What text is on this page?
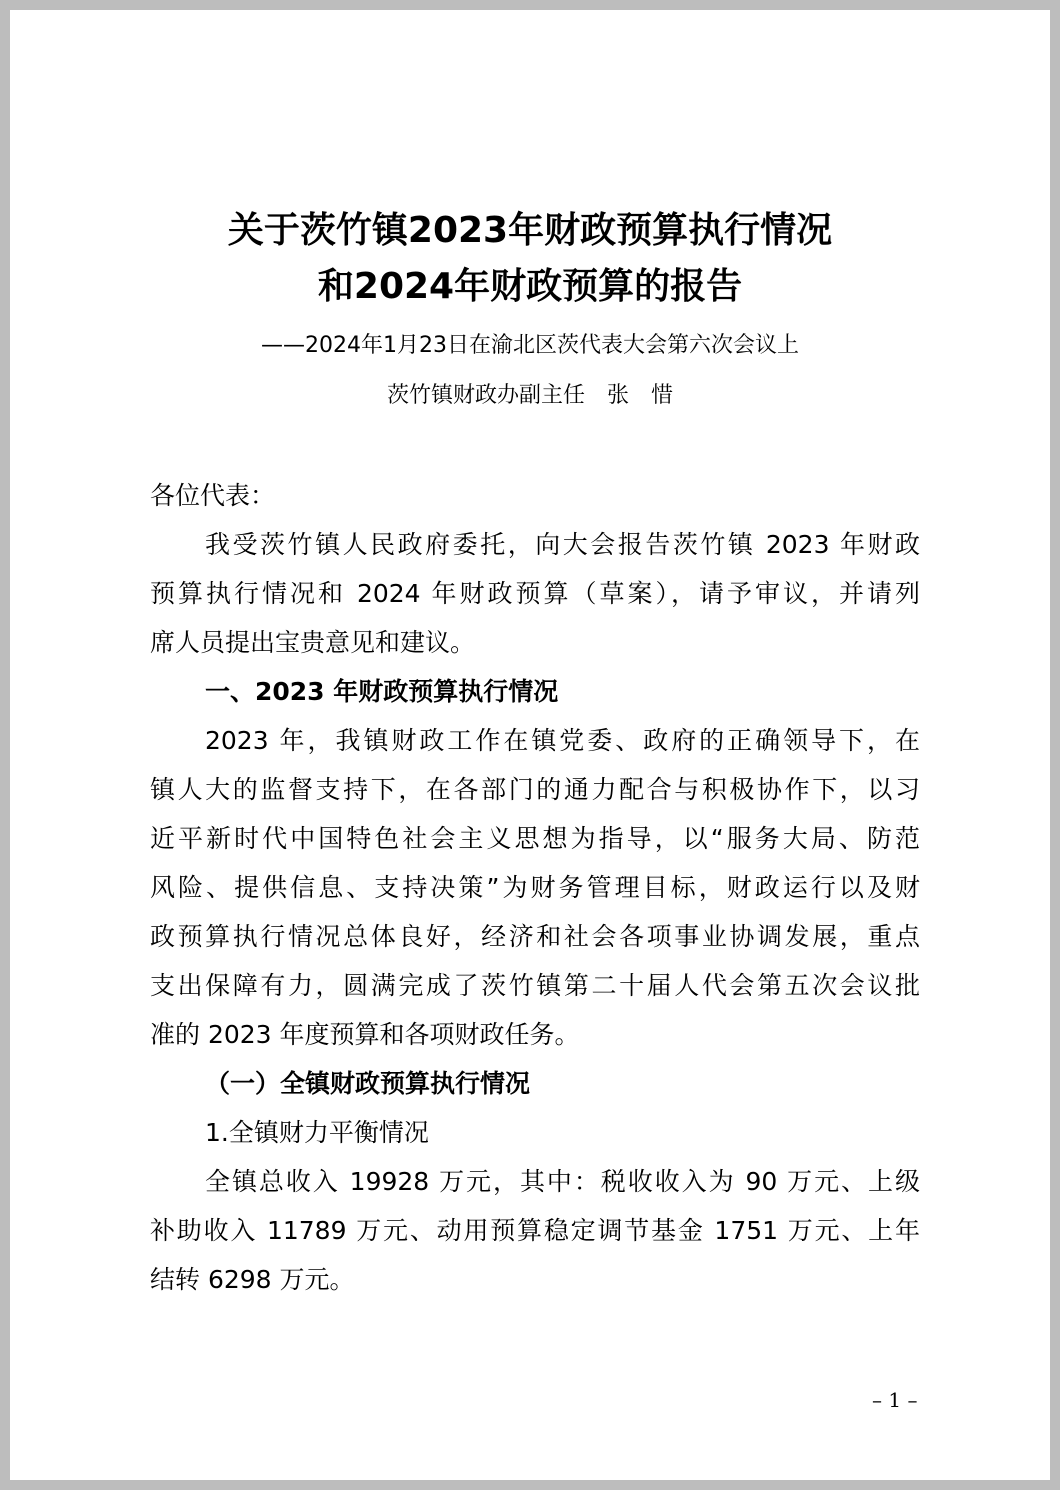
关于茨竹镇2023年财政预算执行情况
和2024年财政预算的报告
——2024年1月23日在渝北区茨代表大会第六次会议上
茨竹镇财政办副主任　张　惜
各位代表：
我受茨竹镇人民政府委托，向大会报告茨竹镇 2023 年财政
预算执行情况和 2024 年财政预算（草案），请予审议，并请列
席人员提出宝贵意见和建议。
一、2023 年财政预算执行情况
2023 年，我镇财政工作在镇党委、政府的正确领导下，在
镇人大的监督支持下，在各部门的通力配合与积极协作下，以习
近平新时代中国特色社会主义思想为指导，以“服务大局、防范
风险、提供信息、支持决策”为财务管理目标，财政运行以及财
政预算执行情况总体良好，经济和社会各项事业协调发展，重点
支出保障有力，圆满完成了茨竹镇第二十届人代会第五次会议批
准的 2023 年度预算和各项财政任务。
（一）全镇财政预算执行情况
1.全镇财力平衡情况
全镇总收入 19928 万元，其中：税收收入为 90 万元、上级
补助收入 11789 万元、动用预算稳定调节基金 1751 万元、上年
结转 6298 万元。
– 1 –
